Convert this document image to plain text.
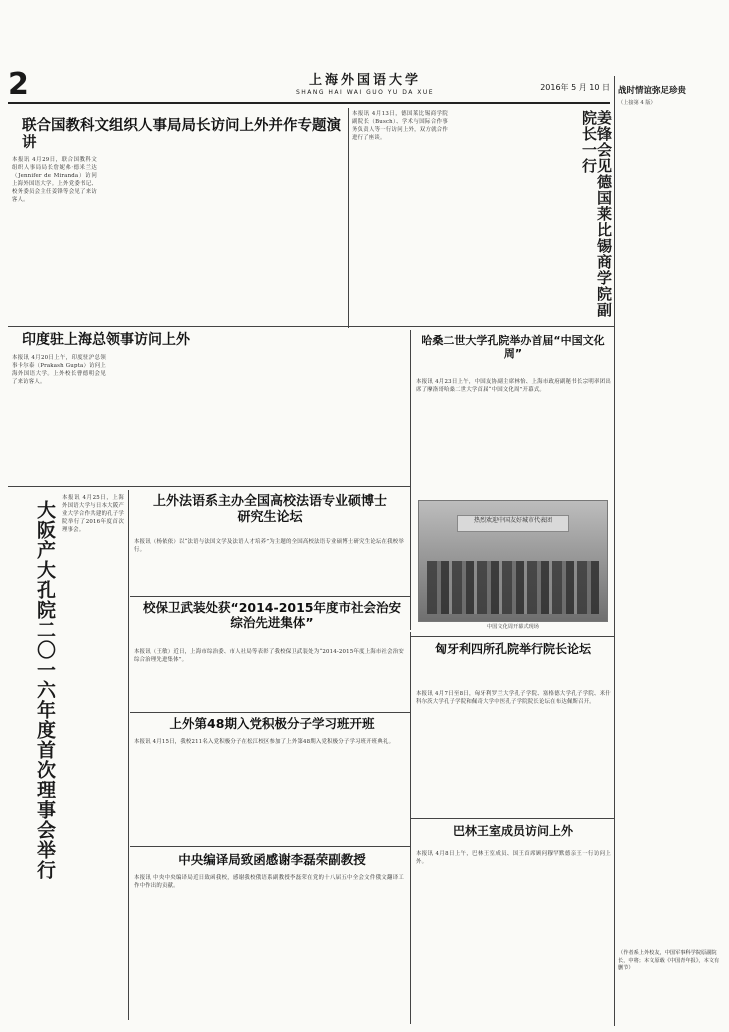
2	上海外国语大学
SHANG HAI WAI GUO YU DA XUE
2016年 5 月 10 日 战时情谊弥足珍贵
（上接第 4 版）

（作者系上外校友，中国军事科学院原副院长，中将；本文原载《中国青年报》，本文有删节）
联合国教科文组织人事局局长访问上外并作专题演讲
本报讯 4月29日，联合国教科文组织人事局局长詹妮弗·德米兰达（Jennifer de Miranda）访问上海外国语大学。上外党委书记、校务委员会主任姜锋等会见了来访客人。

本报讯 4月13日，德国莱比锡商学院副院长（Busch）、学术与国际合作事务负责人等一行访问上外，双方就合作进行了座谈。
　	姜锋会见德国莱比锡商学院副院长一行
印度驻上海总领事访问上外
本报讯 4月20日上午，印度驻沪总领事卡尔泰（Prakash Gupta）访问上海外国语大学。上外校长曹德明会见了来访客人。

哈桑二世大学孔院举办首届“中国文化周”
本报讯 4月23日上午，中国友协副主席林怡、上海市政府副秘书长宗明率团出席了摩洛哥哈桑二世大学首届“中国文化周”开幕式。
热烈欢迎中国友好城市代表团
中国文化周开幕式现场
大阪产大孔院二〇一六年度首次理事会举行
本报讯 4月25日，上海外国语大学与日本大阪产业大学合作共建的孔子学院举行了2016年度首次理事会。

上外法语系主办全国高校法语专业硕博士研究生论坛
本报讯（杨依依）以“法语与法国文学及法语人才培养”为主题的全国高校法语专业硕博士研究生论坛在我校举行。
校保卫武装处获“2014-2015年度市社会治安综治先进集体”
本报讯（王敏）近日，上海市综治委、市人社局等表彰了我校保卫武装处为“2014-2015年度上海市社会治安综合治理先进集体”。
上外第48期入党积极分子学习班开班
本报讯 4月15日，我校211名入党积极分子在松江校区参加了上外第48期入党积极分子学习班开班典礼。
中央编译局致函感谢李磊荣副教授
本报讯 中央中央编译局近日致函我校，感谢我校俄语系副教授李磊荣在党的十八届五中全会文件俄文翻译工作中作出的贡献。
匈牙利四所孔院举行院长论坛
本报讯 4月7日至8日，匈牙利罗兰大学孔子学院、塞格德大学孔子学院、米什科尔茨大学孔子学院和佩奇大学中医孔子学院院长论坛在布达佩斯召开。
巴林王室成员访问上外
本报讯 4月8日上午，巴林王室成员、国王首席顾问穆罕默德亲王一行访问上外。
